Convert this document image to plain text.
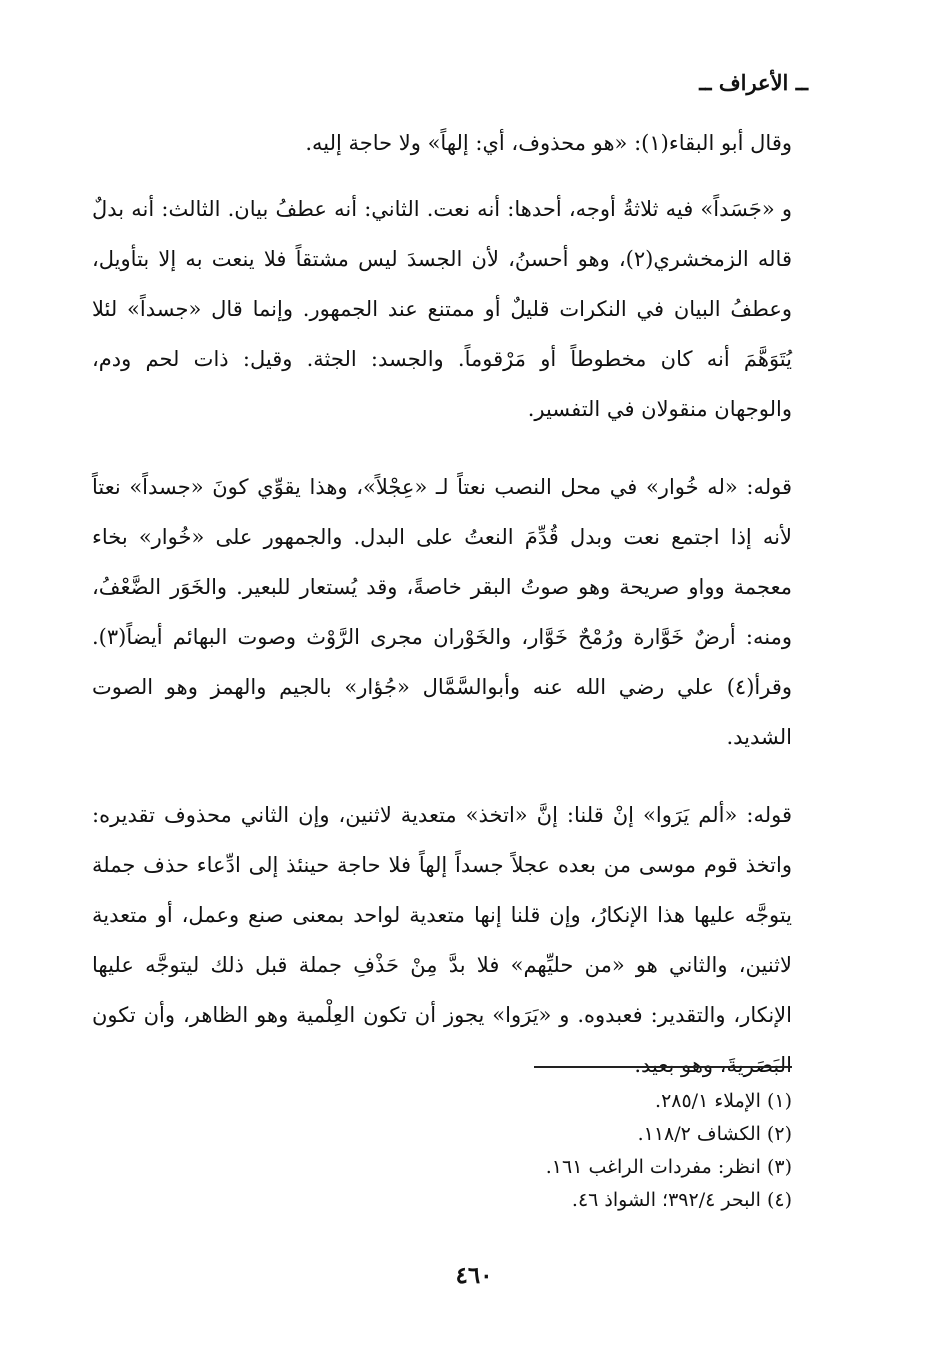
ــ الأعراف ــ

وقال أبو البقاء(١): «هو محذوف، أي: إلهاً» ولا حاجة إليه.

و «جَسَداً» فيه ثلاثةُ أوجه، أحدها: أنه نعت. الثاني: أنه عطفُ بيان. الثالث: أنه بدلٌ قاله الزمخشري(٢)، وهو أحسنُ، لأن الجسدَ ليس مشتقاً فلا ينعت به إلا بتأويل، وعطفُ البيان في النكرات قليلٌ أو ممتنع عند الجمهور. وإنما قال «جسداً» لئلا يُتَوَهَّمَ أنه كان مخطوطاً أو مَرْقوماً. والجسد: الجثة. وقيل: ذات لحم ودم، والوجهان منقولان في التفسير.

قوله: «له خُوار» في محل النصب نعتاً لـ «عِجْلاً»، وهذا يقوِّي كونَ «جسداً» نعتاً لأنه إذا اجتمع نعت وبدل قُدِّمَ النعتُ على البدل. والجمهور على «خُوار» بخاء معجمة وواو صريحة وهو صوتُ البقر خاصةً، وقد يُستعار للبعير. والخَوَر الضَّعْفُ، ومنه: أرضٌ خَوَّارة ورُمْحٌ خَوَّار، والخَوْران مجرى الرَّوْث وصوت البهائم أيضاً(٣). وقرأ(٤) علي رضي الله عنه وأبوالسَّمَّال «جُؤار» بالجيم والهمز وهو الصوت الشديد.

قوله: «ألم يَرَوا» إنْ قلنا: إنَّ «اتخذ» متعدية لاثنين، وإن الثاني محذوف تقديره: واتخذ قوم موسى من بعده عجلاً جسداً إلهاً فلا حاجة حينئذ إلى ادِّعاء حذف جملة يتوجَّه عليها هذا الإنكارُ، وإن قلنا إنها متعدية لواحد بمعنى صنع وعمل، أو متعدية لاثنين، والثاني هو «من حليِّهم» فلا بدَّ مِنْ حَذْفِ جملة قبل ذلك ليتوجَّه عليها الإنكار، والتقدير: فعبدوه. و «يَرَوا» يجوز أن تكون العِلْمية وهو الظاهر، وأن تكون البَصَريةَ، وهو بعيد.

(١) الإملاء ٢٨٥/١.
(٢) الكشاف ١١٨/٢.
(٣) انظر: مفردات الراغب ١٦١.
(٤) البحر ٣٩٢/٤؛ الشواذ ٤٦.
٤٦٠
